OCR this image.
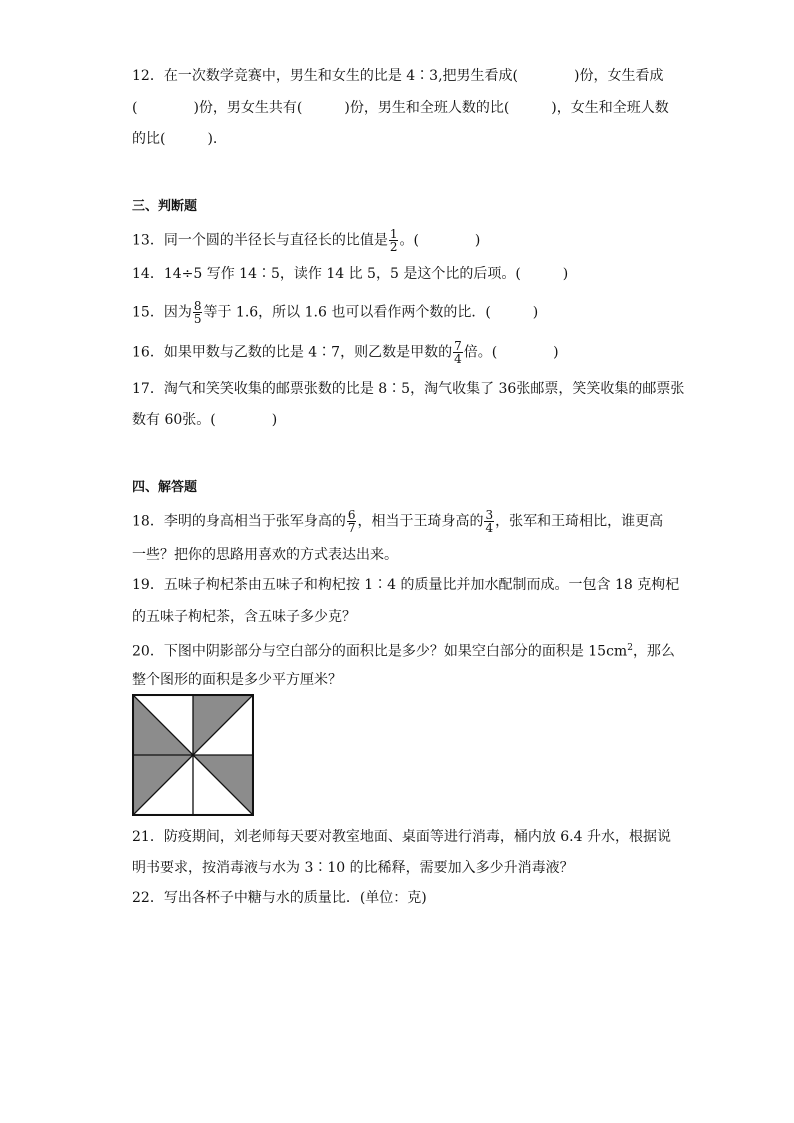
12．在一次数学竞赛中，男生和女生的比是 4∶3,把男生看成(　　　　)份，女生看成
(　　　　)份，男女生共有(　　　)份，男生和全班人数的比(　　　)，女生和全班人数
的比(　　　).
三、判断题
13．同一个圆的半径长与直径长的比值是 $\frac{1}{2}$ 。(　　　　)
14．14÷5 写作 14∶5，读作 14 比 5，5 是这个比的后项。(　　　)
15．因为 $\frac{8}{5}$ 等于 1.6，所以 1.6 也可以看作两个数的比．(　　　)
16．如果甲数与乙数的比是 4∶7，则乙数是甲数的 $\frac{7}{4}$ 倍。(　　　　)
17．淘气和笑笑收集的邮票张数的比是 8∶5，淘气收集了 36张邮票，笑笑收集的邮票张
数有 60张。(　　　　)
四、解答题
18．李明的身高相当于张军身高的 $\frac{6}{7}$ ，相当于王琦身高的 $\frac{3}{4}$ ，张军和王琦相比，谁更高
一些？把你的思路用喜欢的方式表达出来。
19．五味子枸杞茶由五味子和枸杞按 1∶4 的质量比并加水配制而成。一包含 18 克枸杞
的五味子枸杞茶，含五味子多少克？
20．下图中阴影部分与空白部分的面积比是多少？如果空白部分的面积是 $15cm^2$，那么
整个图形的面积是多少平方厘米？
21．防疫期间，刘老师每天要对教室地面、桌面等进行消毒，桶内放 6.4 升水，根据说
明书要求，按消毒液与水为 3∶10 的比稀释，需要加入多少升消毒液？
22．写出各杯子中糖与水的质量比．(单位：克)
